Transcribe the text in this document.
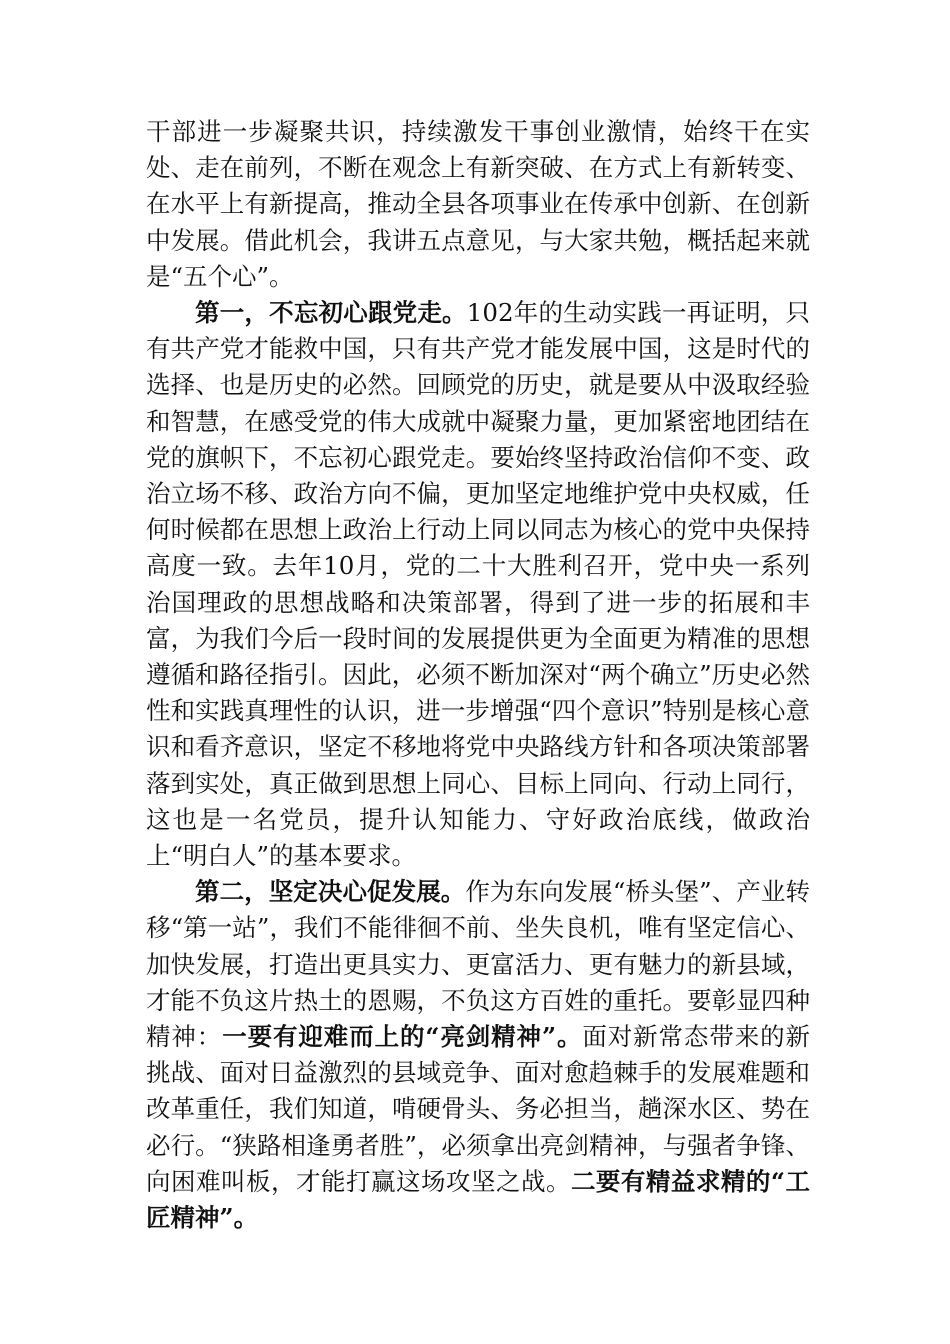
干部进一步凝聚共识，持续激发干事创业激情，始终干在实处、走在前列，不断在观念上有新突破、在方式上有新转变、在水平上有新提高，推动全县各项事业在传承中创新、在创新中发展。借此机会，我讲五点意见，与大家共勉，概括起来就是“五个心”。

第一，不忘初心跟党走。102年的生动实践一再证明，只有共产党才能救中国，只有共产党才能发展中国，这是时代的选择、也是历史的必然。回顾党的历史，就是要从中汲取经验和智慧，在感受党的伟大成就中凝聚力量，更加紧密地团结在党的旗帜下，不忘初心跟党走。要始终坚持政治信仰不变、政治立场不移、政治方向不偏，更加坚定地维护党中央权威，任何时候都在思想上政治上行动上同以同志为核心的党中央保持高度一致。去年10月，党的二十大胜利召开，党中央一系列治国理政的思想战略和决策部署，得到了进一步的拓展和丰富，为我们今后一段时间的发展提供更为全面更为精准的思想遵循和路径指引。因此，必须不断加深对“两个确立”历史必然性和实践真理性的认识，进一步增强“四个意识”特别是核心意识和看齐意识，坚定不移地将党中央路线方针和各项决策部署落到实处，真正做到思想上同心、目标上同向、行动上同行，这也是一名党员，提升认知能力、守好政治底线，做政治上“明白人”的基本要求。

第二，坚定决心促发展。作为东向发展“桥头堡”、产业转移“第一站”，我们不能徘徊不前、坐失良机，唯有坚定信心、加快发展，打造出更具实力、更富活力、更有魅力的新县域，才能不负这片热土的恩赐，不负这方百姓的重托。要彰显四种精神：一要有迎难而上的“亮剑精神”。面对新常态带来的新挑战、面对日益激烈的县域竞争、面对愈趋棘手的发展难题和改革重任，我们知道，啃硬骨头、务必担当，趟深水区、势在必行。“狭路相逢勇者胜”，必须拿出亮剑精神，与强者争锋、向困难叫板，才能打赢这场攻坚之战。二要有精益求精的“工匠精神”。
